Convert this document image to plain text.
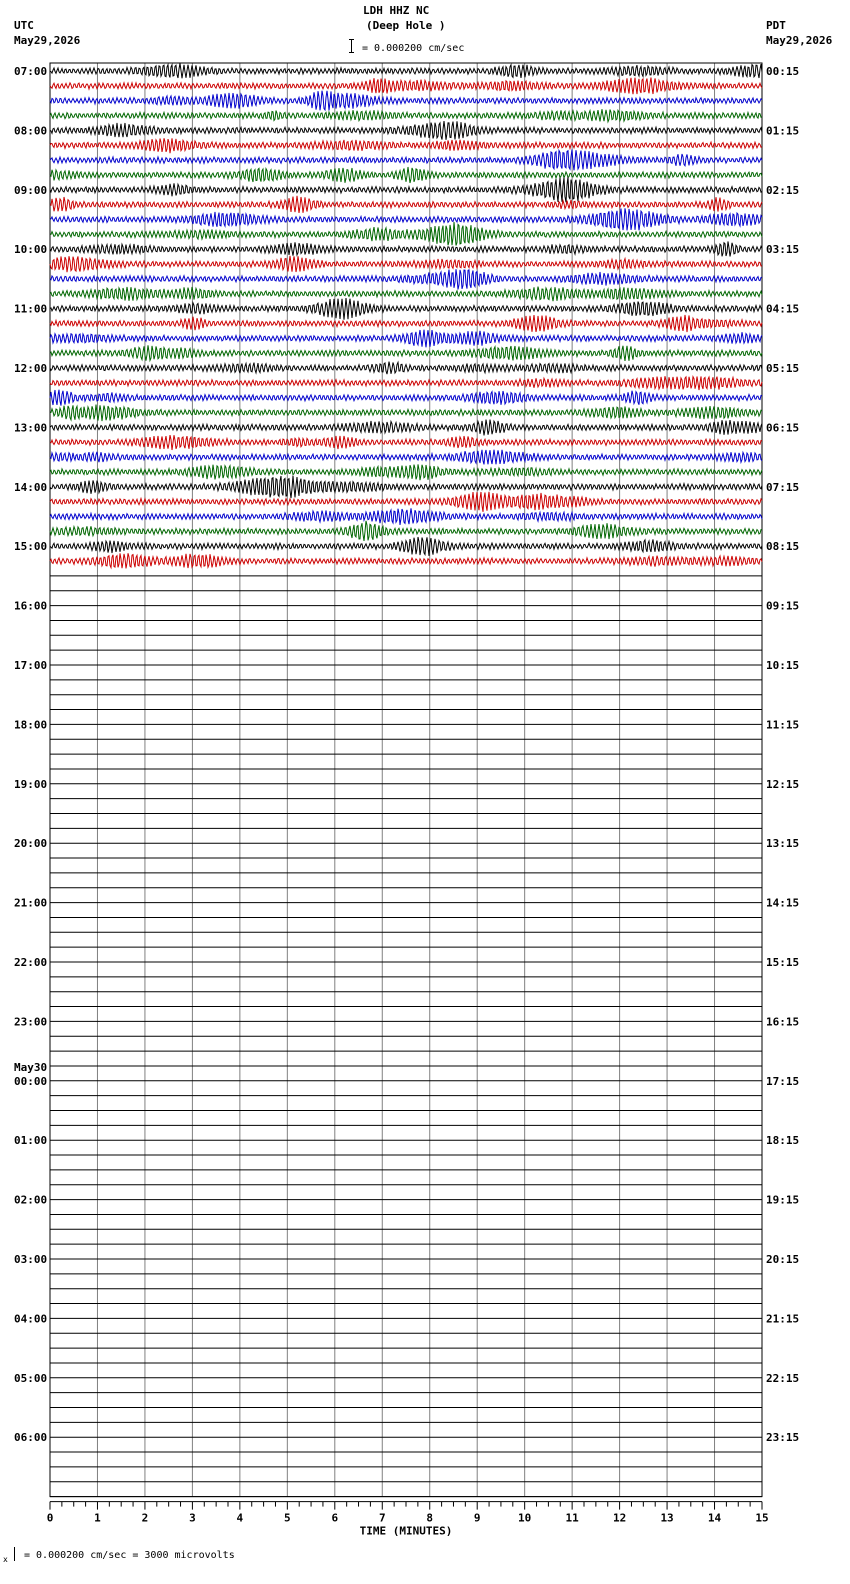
LDH HHZ NC
(Deep Hole )
UTC
May29,2026
PDT
May29,2026
= 0.000200 cm/sec
0	1	2	3	4	5	6	7	8	9	10	11	12	13	14	15
TIME (MINUTES)
07:00
08:00
09:00
10:00
11:00
12:00
13:00
14:00
15:00
16:00
17:00
18:00
19:00
20:00
21:00
22:00
23:00
00:00
May30
01:00
02:00
03:00
04:00
05:00
06:00
00:15
01:15
02:15
03:15
04:15
05:15
06:15
07:15
08:15
09:15
10:15
11:15
12:15
13:15
14:15
15:15
16:15
17:15
18:15
19:15
20:15
21:15
22:15
23:15
x = 0.000200 cm/sec = 3000 microvolts
